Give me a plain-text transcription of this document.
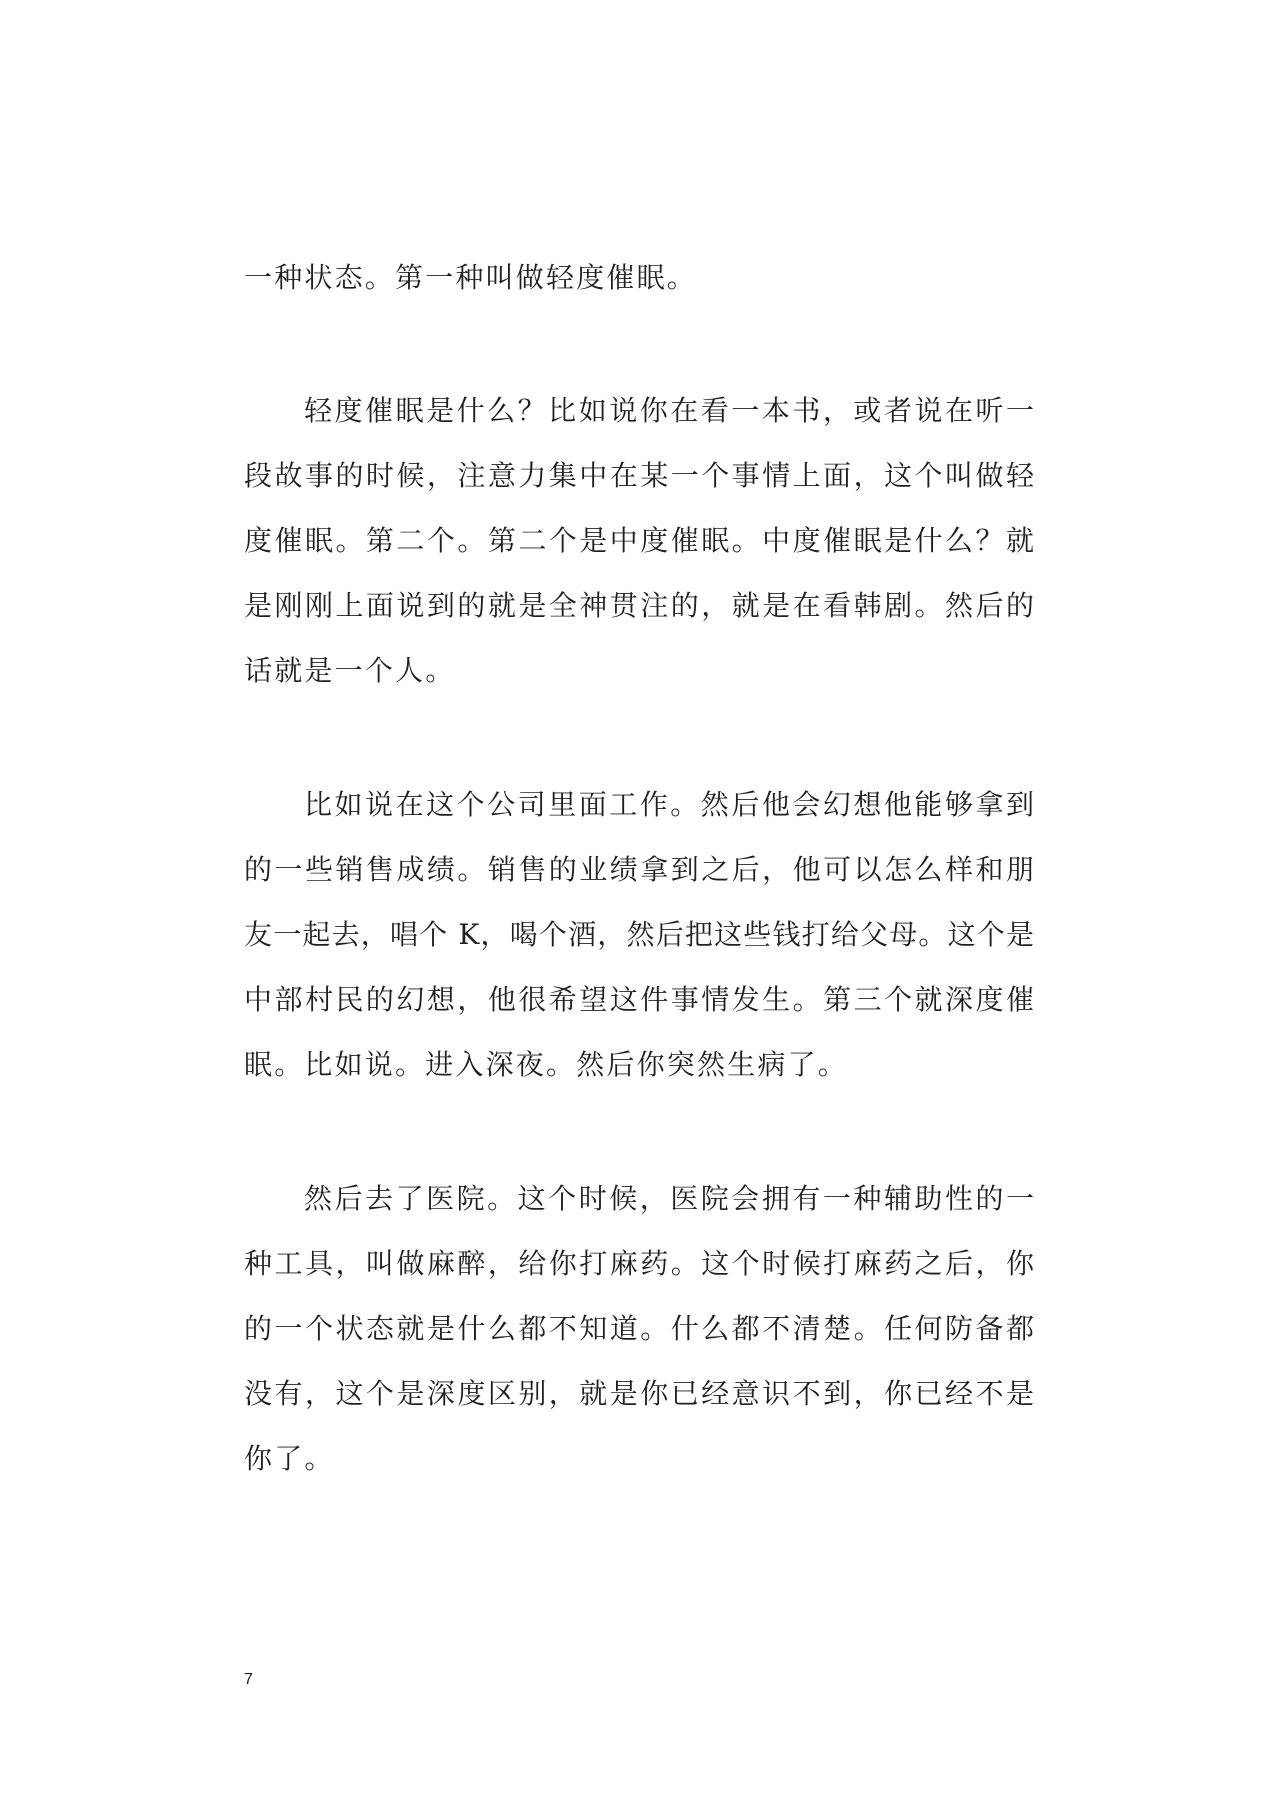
一种状态。第一种叫做轻度催眠。
轻度催眠是什么？比如说你在看一本书，或者说在听一
段故事的时候，注意力集中在某一个事情上面，这个叫做轻
度催眠。第二个。第二个是中度催眠。中度催眠是什么？就
是刚刚上面说到的就是全神贯注的，就是在看韩剧。然后的
话就是一个人。
比如说在这个公司里面工作。然后他会幻想他能够拿到
的一些销售成绩。销售的业绩拿到之后，他可以怎么样和朋
友一起去，唱个 K，喝个酒，然后把这些钱打给父母。这个是
中部村民的幻想，他很希望这件事情发生。第三个就深度催
眠。比如说。进入深夜。然后你突然生病了。
然后去了医院。这个时候，医院会拥有一种辅助性的一
种工具，叫做麻醉，给你打麻药。这个时候打麻药之后，你
的一个状态就是什么都不知道。什么都不清楚。任何防备都
没有，这个是深度区别，就是你已经意识不到，你已经不是
你了。
7
